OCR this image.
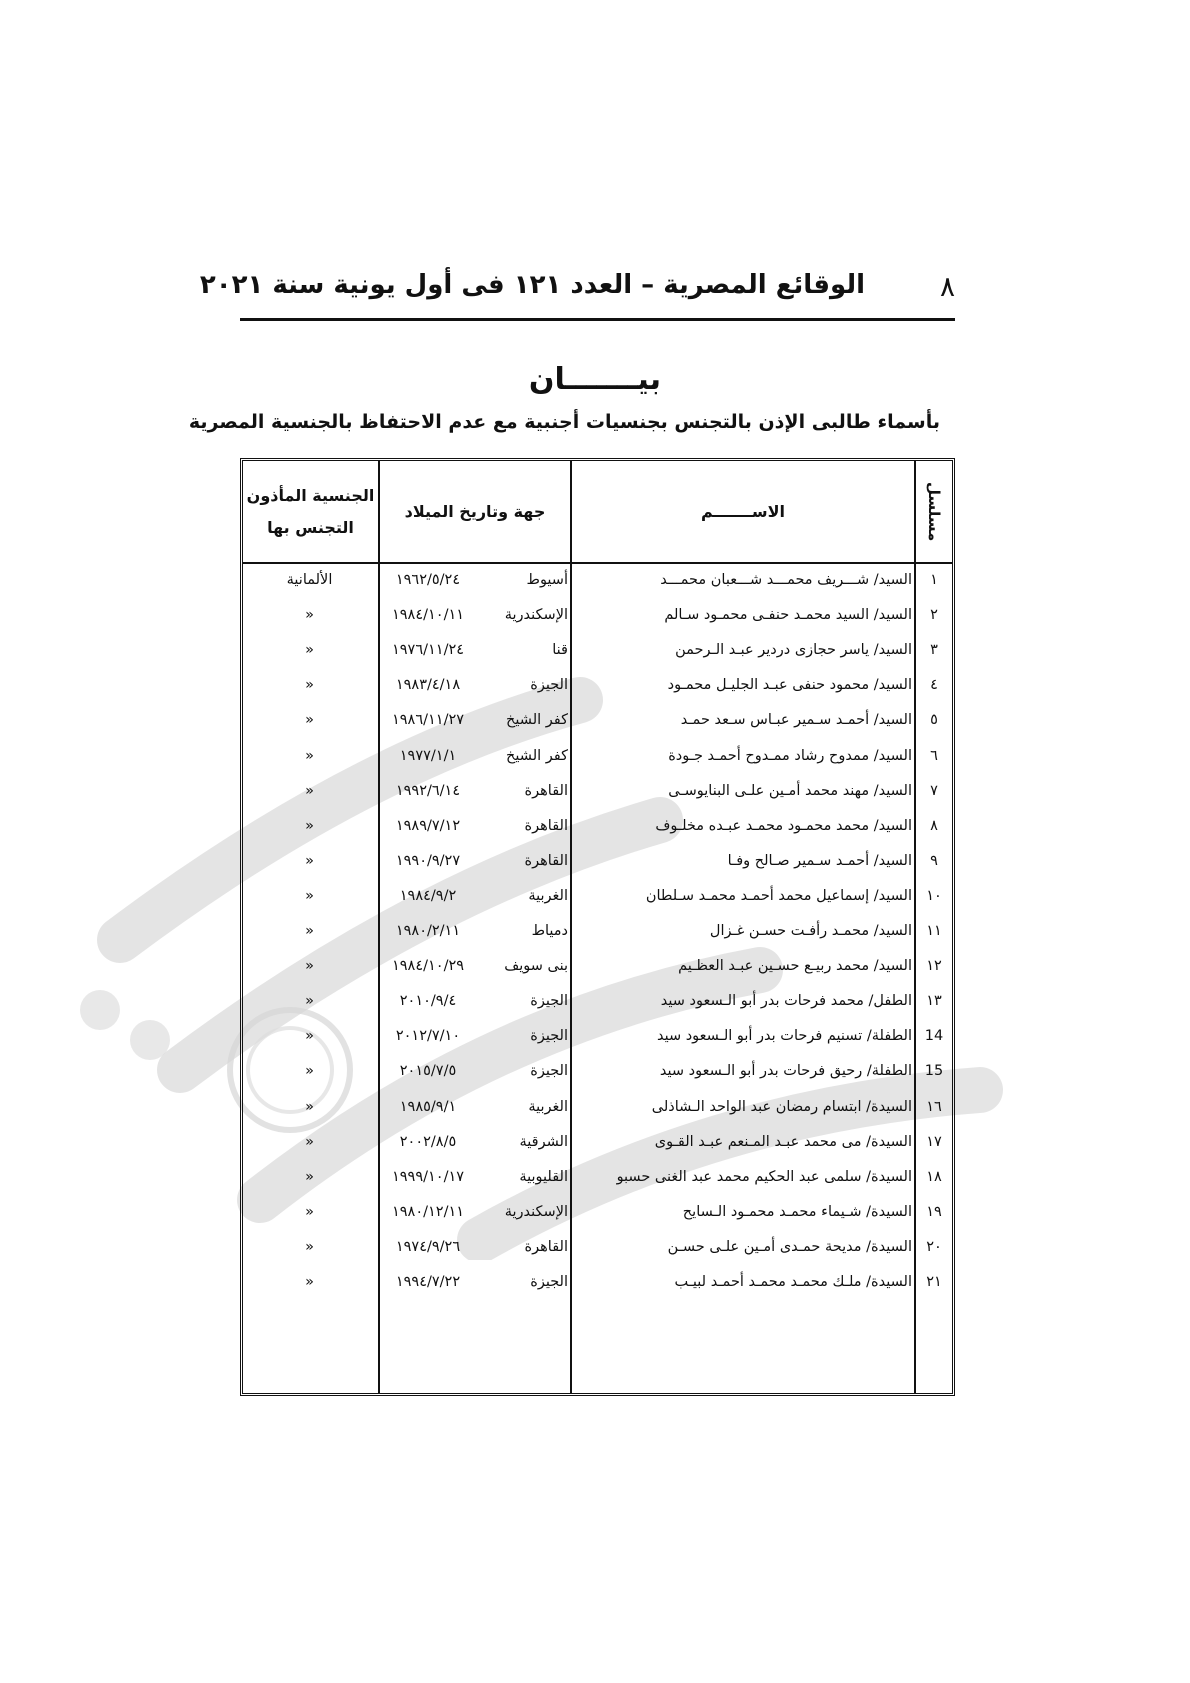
٨
الوقائع المصرية – العدد ١٢١ فى أول يونية سنة ٢٠٢١
بيـــــــان
بأسماء طالبى الإذن بالتجنس بجنسيات أجنبية مع عدم الاحتفاظ بالجنسية المصرية
مسلسل
الاســـــــم
جهة وتاريخ الميلاد
الجنسية المأذون التجنس بها
١
السيد/ شـــريف محمـــد شـــعبان محمـــد
أسيوط
١٩٦٢/٥/٢٤
الألمانية
٢
السيد/ السيد محمـد حنفـى محمـود سـالم
الإسكندرية
١٩٨٤/١٠/١١
«
٣
السيد/ ياسر حجازى دردير عبـد الـرحمن
قنا
١٩٧٦/١١/٢٤
«
٤
السيد/ محمود حنفى عبـد الجليـل محمـود
الجيزة
١٩٨٣/٤/١٨
«
٥
السيد/ أحمـد سـمير عبـاس سـعد حمـد
كفر الشيخ
١٩٨٦/١١/٢٧
«
٦
السيد/ ممدوح رشاد ممـدوح أحمـد جـودة
كفر الشيخ
١٩٧٧/١/١
«
٧
السيد/ مهند محمد أمـين علـى البنايوسـى
القاهرة
١٩٩٢/٦/١٤
«
٨
السيد/ محمد محمـود محمـد عبـده مخلـوف
القاهرة
١٩٨٩/٧/١٢
«
٩
السيد/ أحمـد سـمير صـالح وفـا
القاهرة
١٩٩٠/٩/٢٧
«
١٠
السيد/ إسماعيل محمد أحمـد محمـد سـلطان
الغربية
١٩٨٤/٩/٢
«
١١
السيد/ محمـد رأفـت حسـن غـزال
دمياط
١٩٨٠/٢/١١
«
١٢
السيد/ محمد ربيـع حسـين عبـد العظـيم
بنى سويف
١٩٨٤/١٠/٢٩
«
١٣
الطفل/ محمد فرحات بدر أبو الـسعود سيد
الجيزة
٢٠١٠/٩/٤
«
14
الطفلة/ تسنيم فرحات بدر أبو الـسعود سيد
الجيزة
٢٠١٢/٧/١٠
«
15
الطفلة/ رحيق فرحات بدر أبو الـسعود سيد
الجيزة
٢٠١٥/٧/٥
«
١٦
السيدة/ ابتسام رمضان عبد الواحد الـشاذلى
الغربية
١٩٨٥/٩/١
«
١٧
السيدة/ مى محمد عبـد المـنعم عبـد القـوى
الشرقية
٢٠٠٢/٨/٥
«
١٨
السيدة/ سلمى عبد الحكيم محمد عبد الغنى حسبو
القليوبية
١٩٩٩/١٠/١٧
«
١٩
السيدة/ شـيماء محمـد محمـود الـسايح
الإسكندرية
١٩٨٠/١٢/١١
«
٢٠
السيدة/ مديحة حمـدى أمـين علـى حسـن
القاهرة
١٩٧٤/٩/٢٦
«
٢١
السيدة/ ملـك محمـد محمـد أحمـد لبيـب
الجيزة
١٩٩٤/٧/٢٢
«
